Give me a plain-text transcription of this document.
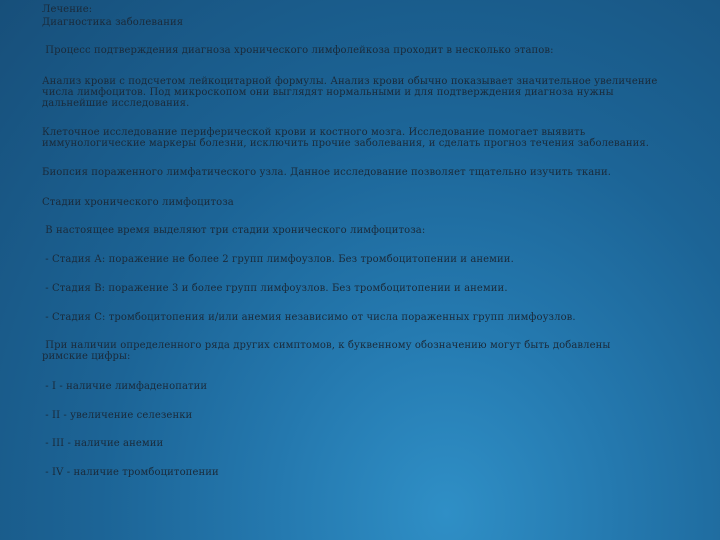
Лечение:

Диагностика заболевания

Процесс подтверждения диагноза хронического лимфолейкоза проходит в несколько этапов:

Анализ крови с подсчетом лейкоцитарной формулы. Анализ крови обычно показывает значительное увеличение числа лимфоцитов. Под микроскопом они выглядят нормальными и для подтверждения диагноза нужны дальнейшие исследования.

Клеточное исследование периферической крови и костного мозга. Исследование помогает выявить иммунологические маркеры болезни, исключить прочие заболевания, и сделать прогноз течения заболевания.

Биопсия пораженного лимфатического узла. Данное исследование позволяет тщательно изучить ткани.

Стадии хронического лимфоцитоза

В настоящее время выделяют три стадии хронического лимфоцитоза:

- Стадия А: поражение не более 2 групп лимфоузлов. Без тромбоцитопении и анемии.

- Стадия В: поражение 3 и более групп лимфоузлов. Без тромбоцитопении и анемии.

- Стадия С: тромбоцитопения и/или анемия независимо от числа пораженных групп лимфоузлов.

При наличии определенного ряда других симптомов, к буквенному обозначению могут быть добавлены римские цифры:

- I - наличие лимфаденопатии

- II - увеличение селезенки

- III - наличие анемии

- IV - наличие тромбоцитопении
